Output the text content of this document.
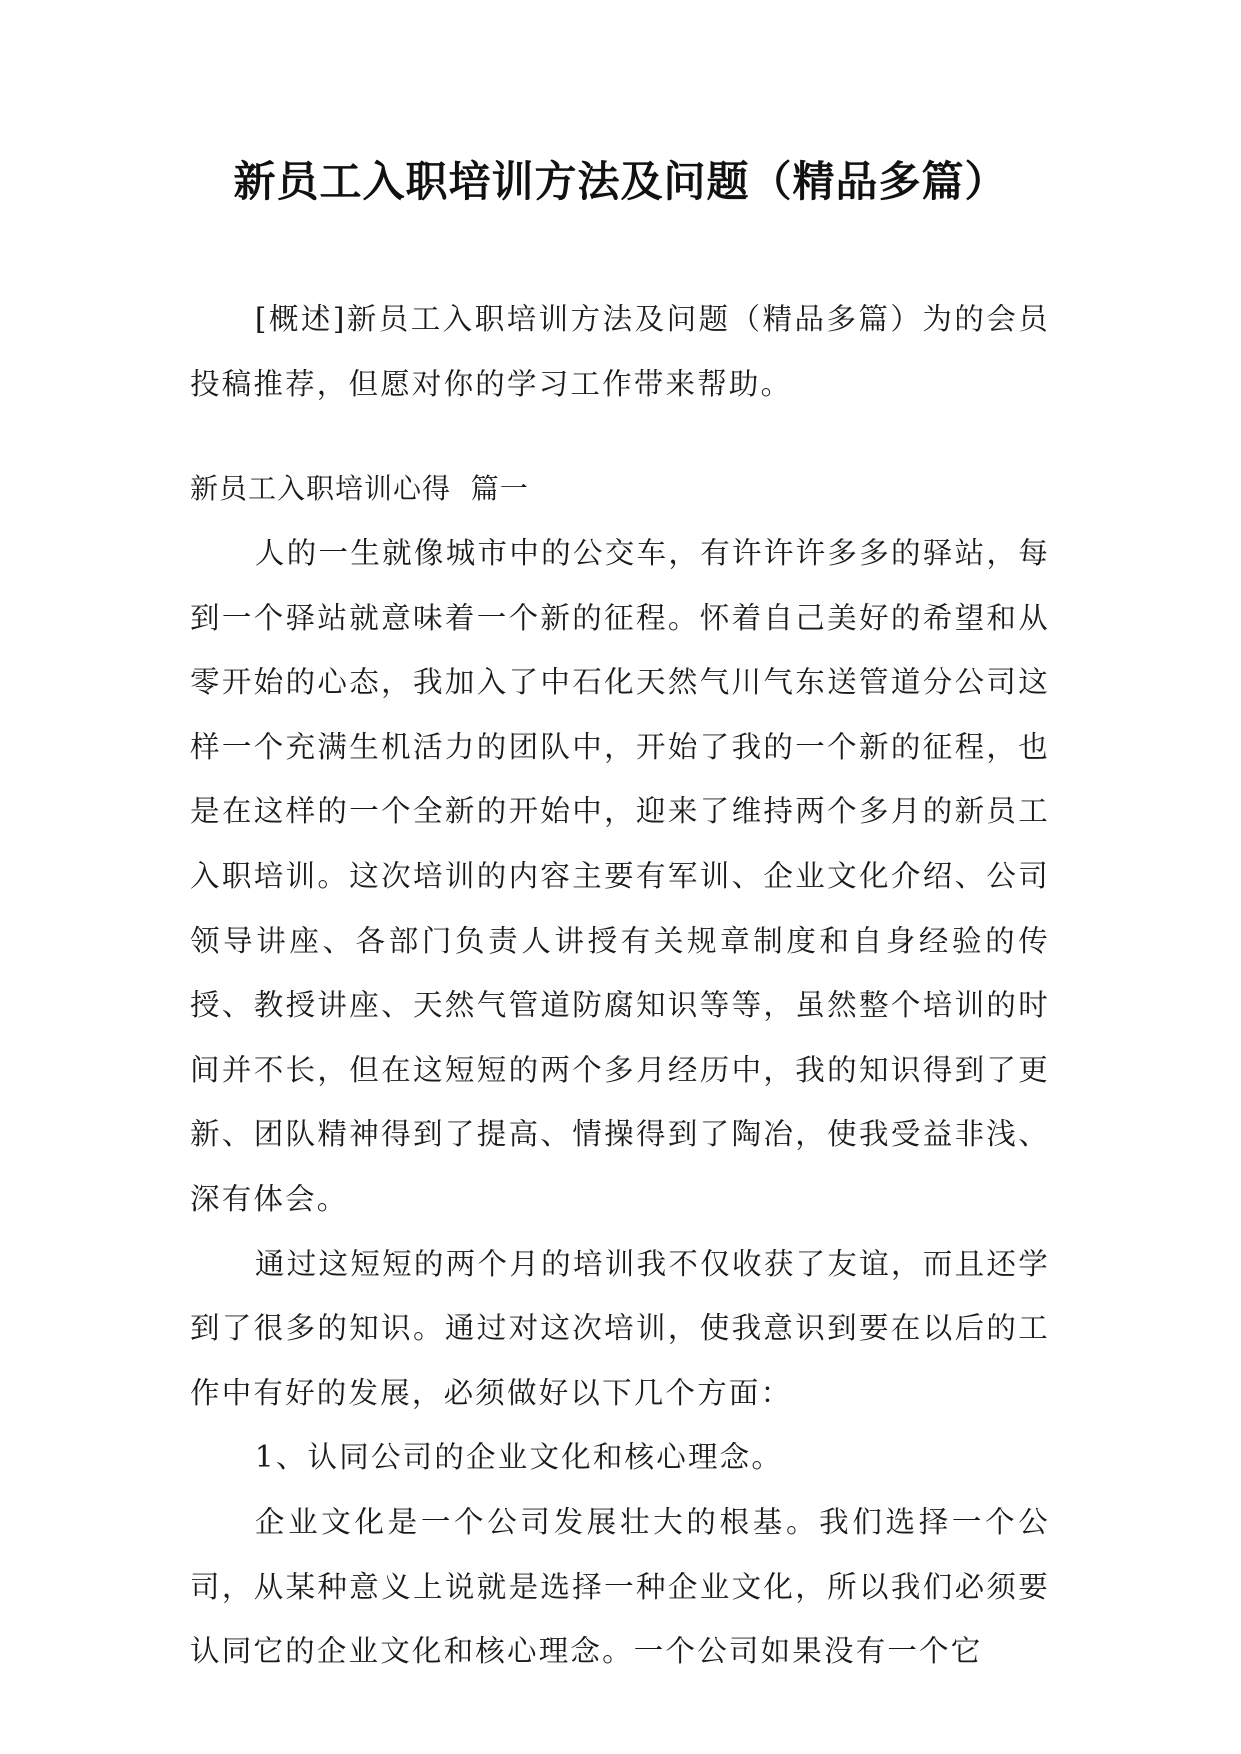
新员工入职培训方法及问题（精品多篇）

[概述]新员工入职培训方法及问题（精品多篇）为的会员投稿推荐，但愿对你的学习工作带来帮助。

新员工入职培训心得  篇一

人的一生就像城市中的公交车，有许许许多多的驿站，每到一个驿站就意味着一个新的征程。怀着自己美好的希望和从零开始的心态，我加入了中石化天然气川气东送管道分公司这样一个充满生机活力的团队中，开始了我的一个新的征程，也是在这样的一个全新的开始中，迎来了维持两个多月的新员工入职培训。这次培训的内容主要有军训、企业文化介绍、公司领导讲座、各部门负责人讲授有关规章制度和自身经验的传授、教授讲座、天然气管道防腐知识等等，虽然整个培训的时间并不长，但在这短短的两个多月经历中，我的知识得到了更新、团队精神得到了提高、情操得到了陶冶，使我受益非浅、深有体会。

通过这短短的两个月的培训我不仅收获了友谊，而且还学到了很多的知识。通过对这次培训，使我意识到要在以后的工作中有好的发展，必须做好以下几个方面：

1、认同公司的企业文化和核心理念。

企业文化是一个公司发展壮大的根基。我们选择一个公司，从某种意义上说就是选择一种企业文化，所以我们必须要认同它的企业文化和核心理念。一个公司如果没有一个它
